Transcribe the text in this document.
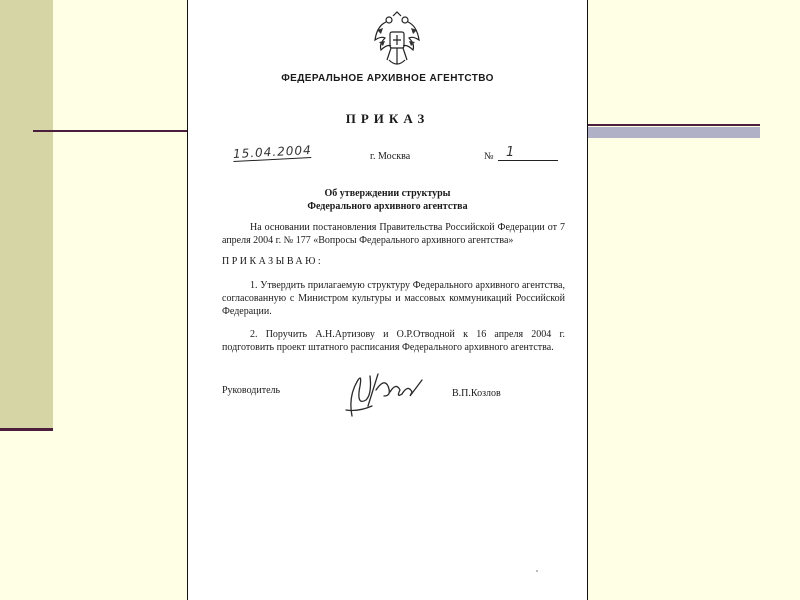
ФЕДЕРАЛЬНОЕ АРХИВНОЕ АГЕНТСТВО
ПРИКАЗ
15.04.2004	г. Москва	№ 1
Об утверждении структуры
Федерального архивного агентства
На основании постановления Правительства Российской Федерации от 7 апреля 2004 г. № 177 «Вопросы Федерального архивного агентства»
ПРИКАЗЫВАЮ:
1. Утвердить прилагаемую структуру Федерального архивного агентства, согласованную с Министром культуры и массовых коммуникаций Российской Федерации.
2. Поручить А.Н.Артизову и О.Р.Отводной к 16 апреля 2004 г. подготовить проект штатного расписания Федерального архивного агентства.
Руководитель	В.П.Козлов
